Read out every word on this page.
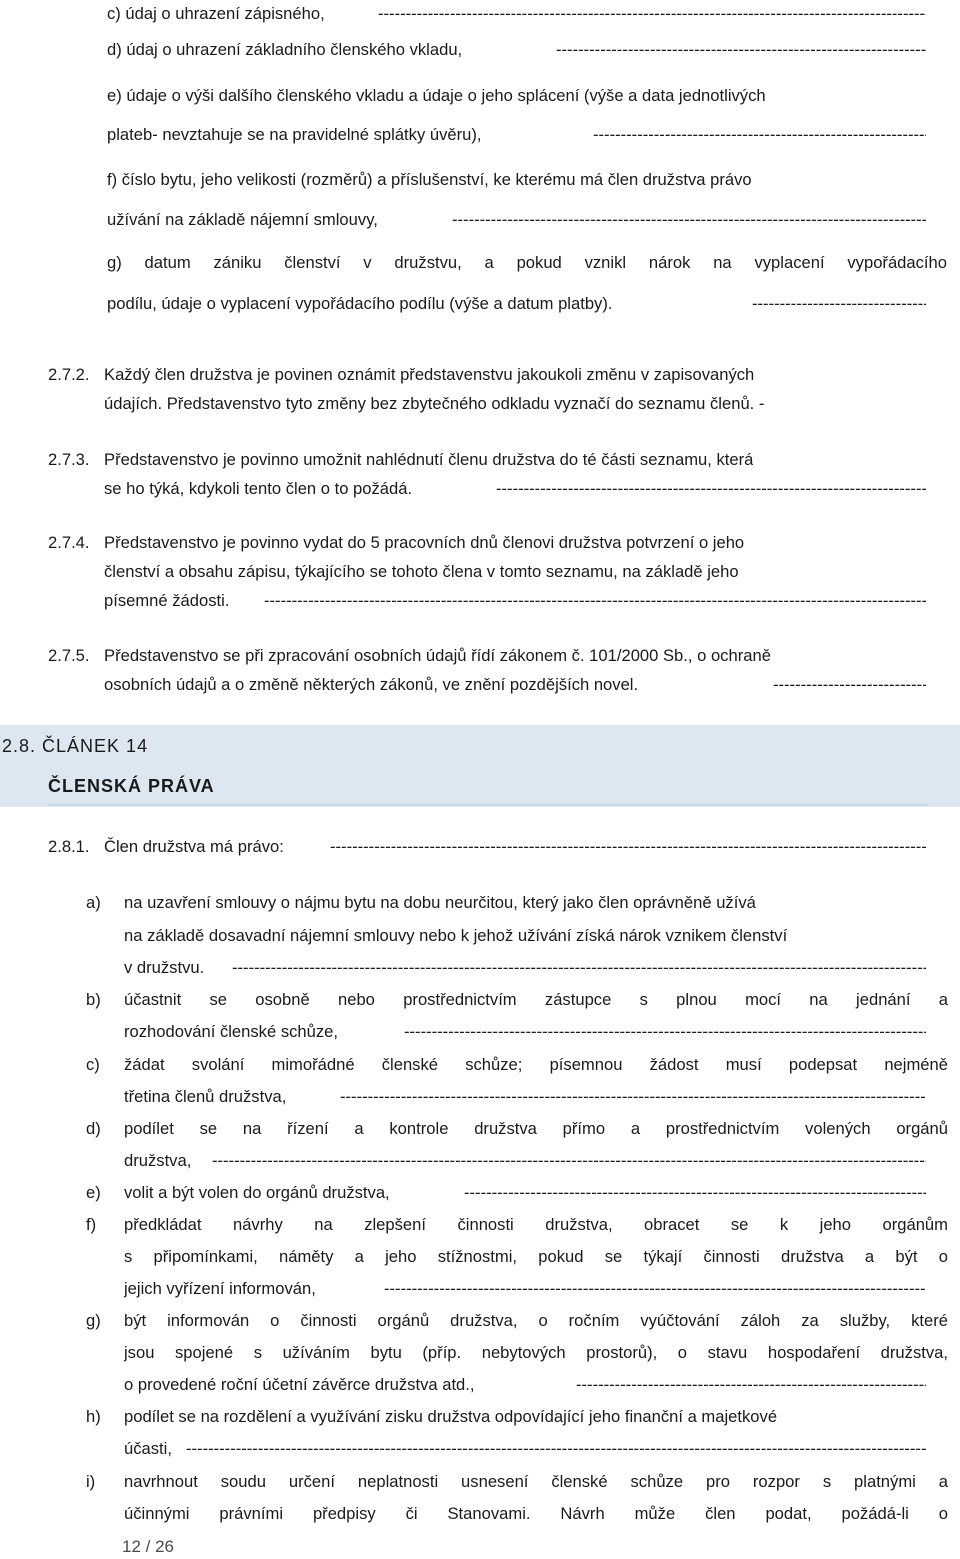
c) údaj o uhrazení zápisného,
-----
d) údaj o uhrazení základního členského vkladu,
-----
e) údaje o výši dalšího členského vkladu a údaje o jeho splácení (výše a data jednotlivých
plateb- nevztahuje se na pravidelné splátky úvěru),
-----
f) číslo bytu, jeho velikosti (rozměrů) a příslušenství, ke kterému má člen družstva právo
užívání na základě nájemní smlouvy,
-----
g) datum zániku členství v družstvu, a pokud vznikl nárok na vyplacení vypořádacího
podílu, údaje o vyplacení vypořádacího podílu (výše a datum platby).
-----
2.7.2. Každý člen družstva je povinen oznámit představenstvu jakoukoli změnu v zapisovaných
údajích. Představenstvo tyto změny bez zbytečného odkladu vyznačí do seznamu členů. -
2.7.3. Představenstvo je povinno umožnit nahlédnutí členu družstva do té části seznamu, která
se ho týká, kdykoli tento člen o to požádá.
-----
2.7.4. Představenstvo je povinno vydat do 5 pracovních dnů členovi družstva potvrzení o jeho
členství a obsahu zápisu, týkajícího se tohoto člena v tomto seznamu, na základě jeho
písemné žádosti.
-----
2.7.5. Představenstvo se při zpracování osobních údajů řídí zákonem č. 101/2000 Sb., o ochraně
osobních údajů a o změně některých zákonů, ve znění pozdějších novel.
-----
2.8. ČLÁNEK 14
ČLENSKÁ PRÁVA
2.8.1. Člen družstva má právo:
-----
a) na uzavření smlouvy o nájmu bytu na dobu neurčitou, který jako člen oprávněně užívá
na základě dosavadní nájemní smlouvy nebo k jehož užívání získá nárok vznikem členství
v družstvu.
-----
b) účastnit se osobně nebo prostřednictvím zástupce s plnou mocí na jednání a
rozhodování členské schůze,
-----
c) žádat svolání mimořádné členské schůze; písemnou žádost musí podepsat nejméně
třetina členů družstva,
-----
d) podílet se na řízení a kontrole družstva přímo a prostřednictvím volených orgánů
družstva,
-----
e) volit a být volen do orgánů družstva,
-----
f) předkládat návrhy na zlepšení činnosti družstva, obracet se k jeho orgánům
s připomínkami, náměty a jeho stížnostmi, pokud se týkají činnosti družstva a být o
jejich vyřízení informován,
-----
g) být informován o činnosti orgánů družstva, o ročním vyúčtování záloh za služby, které
jsou spojené s užíváním bytu (příp. nebytových prostorů), o stavu hospodaření družstva,
o provedené roční účetní závěrce družstva atd.,
-----
h) podílet se na rozdělení a využívání zisku družstva odpovídající jeho finanční a majetkové
účasti,
-----
i) navrhnout soudu určení neplatnosti usnesení členské schůze pro rozpor s platnými a
účinnými právními předpisy či Stanovami. Návrh může člen podat, požádá-li o
12 / 26
